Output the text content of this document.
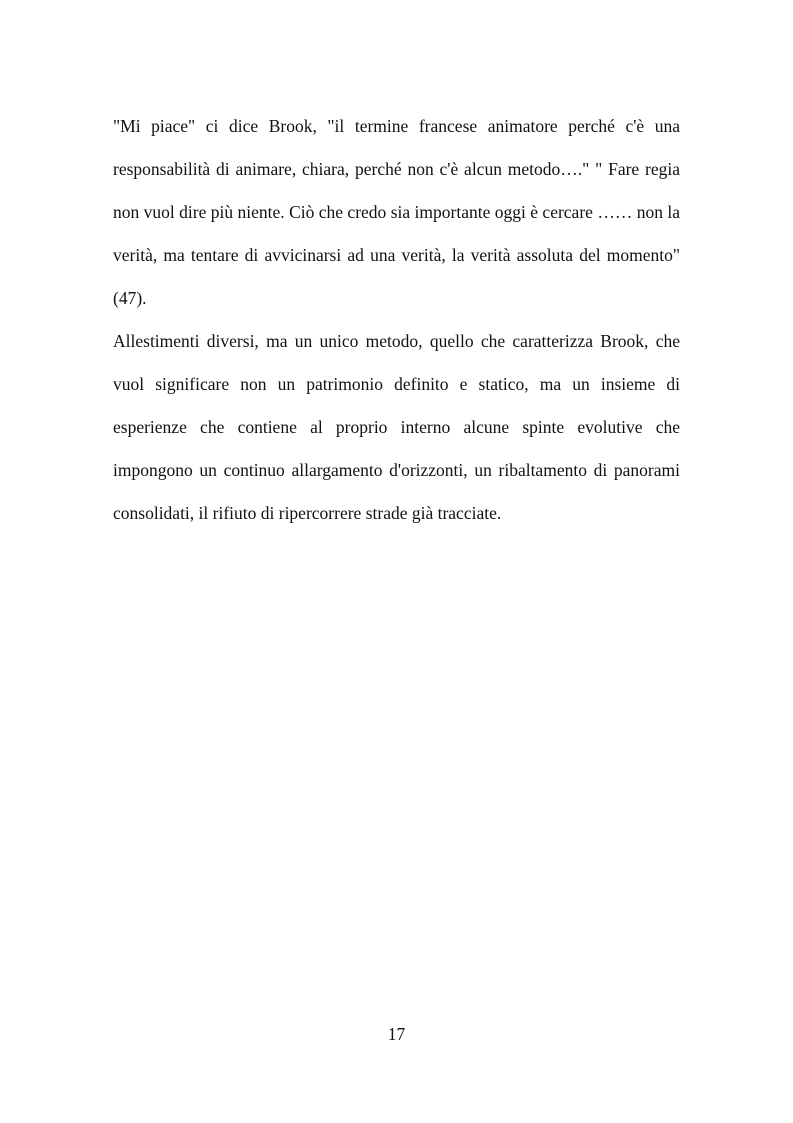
"Mi piace" ci dice Brook, "il termine francese animatore perché c'è una responsabilità di animare, chiara, perché non c'è alcun metodo…." " Fare regia non vuol dire più niente. Ciò che credo sia importante oggi è cercare …… non la verità, ma tentare di avvicinarsi ad una verità, la verità assoluta del momento"(47).

Allestimenti diversi, ma un unico metodo, quello che caratterizza Brook, che vuol significare non un patrimonio definito e statico, ma un insieme di esperienze che contiene al proprio interno alcune spinte evolutive che impongono un continuo allargamento d'orizzonti, un ribaltamento di panorami consolidati, il rifiuto di ripercorrere strade già tracciate.

17
